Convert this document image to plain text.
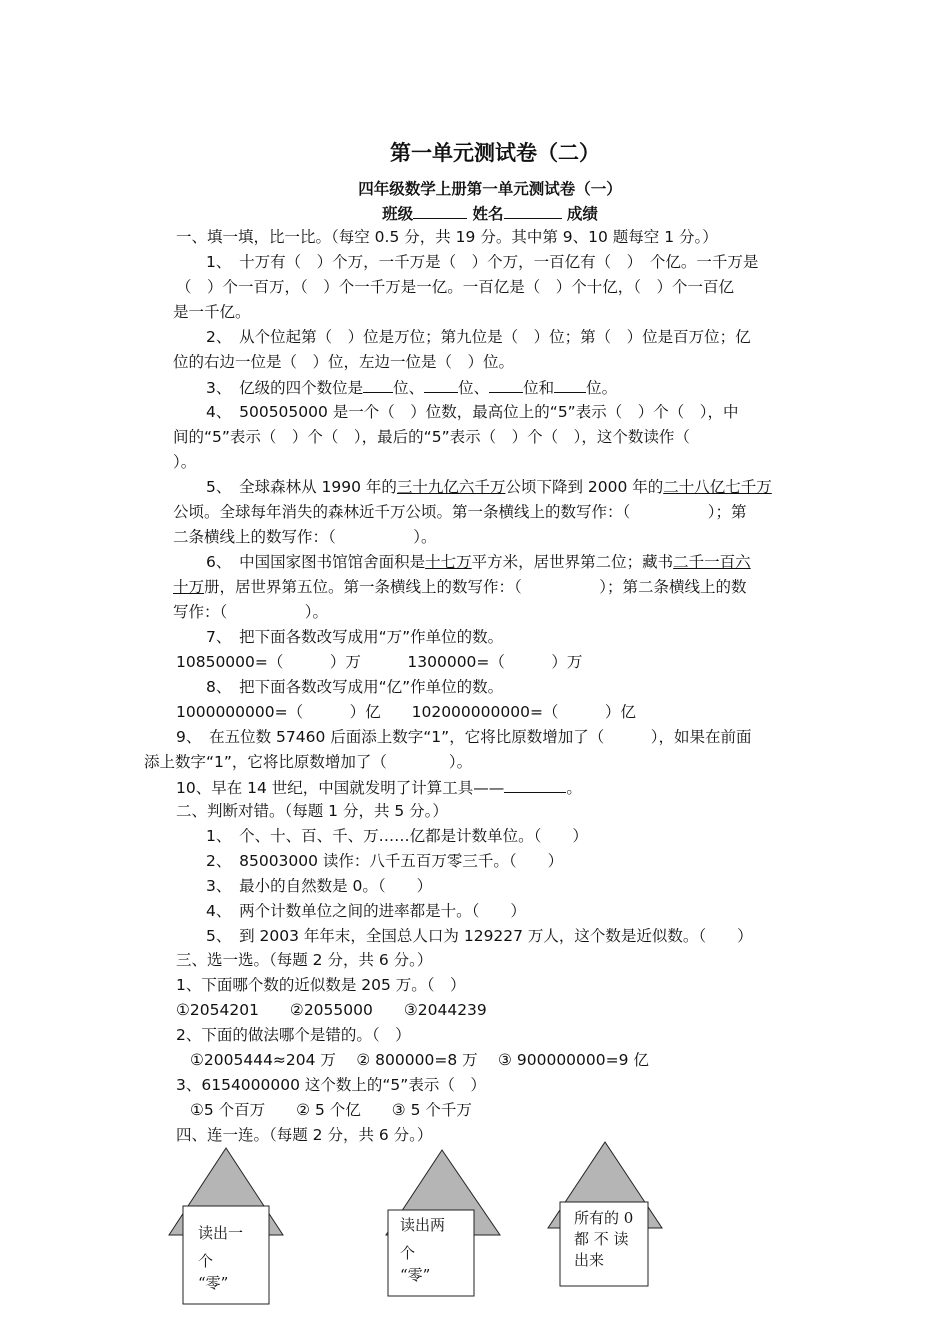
第一单元测试卷（二）
四年级数学上册第一单元测试卷（一）
班级	姓名	成绩
一、填一填，比一比。（每空 0.5 分，共 19 分。其中第 9、10 题每空 1 分。）
1、　十万有（　）个万，一千万是（　）个万，一百亿有（　）　个亿。一千万是
（　）个一百万，（　）个一千万是一亿。一百亿是（　）个十亿，（　）个一百亿
是一千亿。
2、　从个位起第（　）位是万位；第九位是（　）位；第（　）位是百万位；亿
位的右边一位是（　）位，左边一位是（　）位。
3、　亿级的四个数位是 位、 位、 位和 位。
4、　500505000 是一个（　）位数，最高位上的“5”表示（　）个（　），中
间的“5”表示（　）个（　），最后的“5”表示（　）个（　），这个数读作（
）。
5、　全球森林从 1990 年的三十九亿六千万公顷下降到 2000 年的二十八亿七千万
公顷。全球每年消失的森林近千万公顷。第一条横线上的数写作：（　　　　　）；第
二条横线上的数写作：（　　　　　）。
6、　中国国家图书馆馆舍面积是十七万平方米，居世界第二位；藏书二千一百六
十万册，居世界第五位。第一条横线上的数写作：（　　　　　）；第二条横线上的数
写作：（　　　　　）。
7、　把下面各数改写成用“万”作单位的数。
10850000=（　　　）万　　　1300000=（　　　）万
8、　把下面各数改写成用“亿”作单位的数。
1000000000=（　　　）亿　　102000000000=（　　　）亿
9、　在五位数 57460 后面添上数字“1”，它将比原数增加了（　　　），如果在前面
添上数字“1”，它将比原数增加了（　　　　）。
10、早在 14 世纪，中国就发明了计算工具——	。
二、判断对错。（每题 1 分，共 5 分。）
1、　个、十、百、千、万……亿都是计数单位。（　　）
2、　85003000 读作：八千五百万零三千。（　　）
3、　最小的自然数是 0。（　　）
4、　两个计数单位之间的进率都是十。（　　）
5、　到 2003 年年末，全国总人口为 129227 万人，这个数是近似数。（　　）
三、选一选。（每题 2 分，共 6 分。）
1、下面哪个数的近似数是 205 万。（　）
①2054201　　②2055000　　③2044239
2、下面的做法哪个是错的。（　）
①2005444≈204 万　 ② 800000=8 万　 ③ 900000000=9 亿
3、6154000000 这个数上的“5”表示（　）
①5 个百万　　② 5 个亿　　③ 5 个千万
四、连一连。（每题 2 分，共 6 分。）
读出一
个
“零”
读出两
个
“零”
所有的 0
都 不 读
出来
